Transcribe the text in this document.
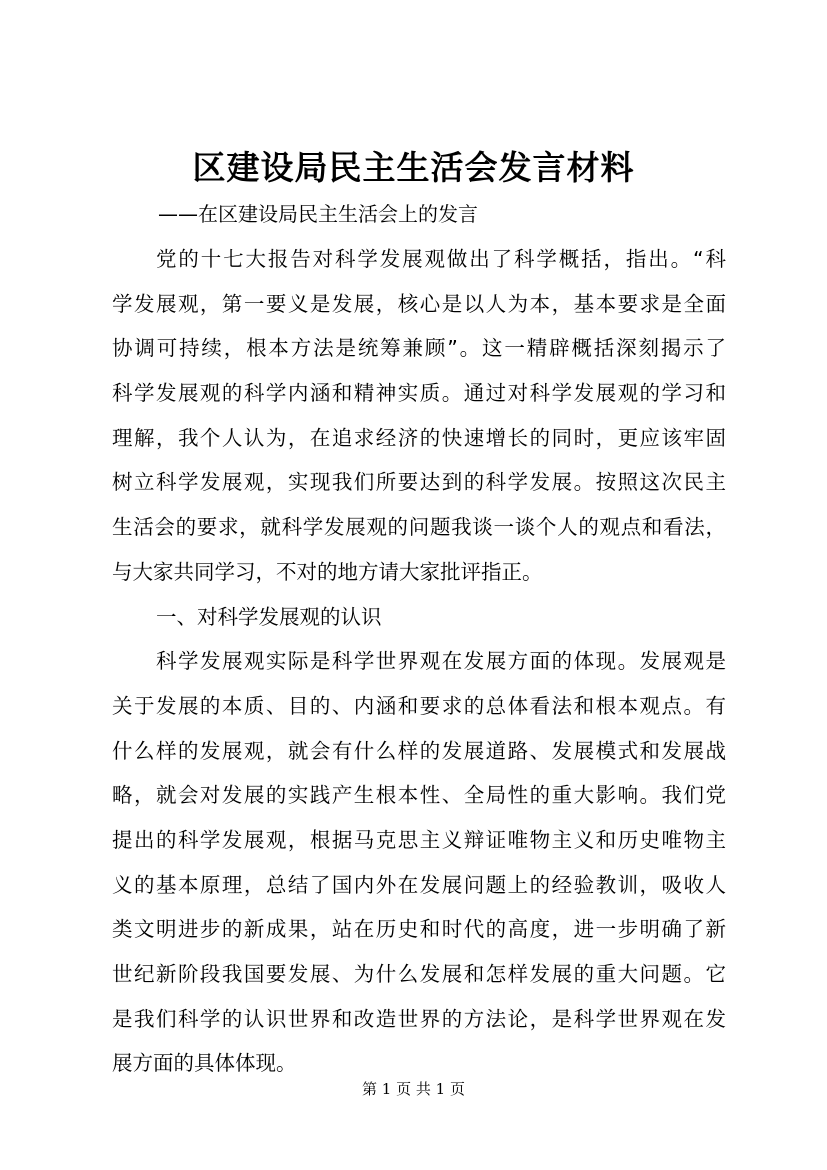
区建设局民主生活会发言材料

——在区建设局民主生活会上的发言

党的十七大报告对科学发展观做出了科学概括，指出。“科
学发展观，第一要义是发展，核心是以人为本，基本要求是全面
协调可持续，根本方法是统筹兼顾”。这一精辟概括深刻揭示了
科学发展观的科学内涵和精神实质。通过对科学发展观的学习和
理解，我个人认为，在追求经济的快速增长的同时，更应该牢固
树立科学发展观，实现我们所要达到的科学发展。按照这次民主
生活会的要求，就科学发展观的问题我谈一谈个人的观点和看法，
与大家共同学习，不对的地方请大家批评指正。
一、对科学发展观的认识
科学发展观实际是科学世界观在发展方面的体现。发展观是
关于发展的本质、目的、内涵和要求的总体看法和根本观点。有
什么样的发展观，就会有什么样的发展道路、发展模式和发展战
略，就会对发展的实践产生根本性、全局性的重大影响。我们党
提出的科学发展观，根据马克思主义辩证唯物主义和历史唯物主
义的基本原理，总结了国内外在发展问题上的经验教训，吸收人
类文明进步的新成果，站在历史和时代的高度，进一步明确了新
世纪新阶段我国要发展、为什么发展和怎样发展的重大问题。它
是我们科学的认识世界和改造世界的方法论，是科学世界观在发
展方面的具体体现。
第 1 页 共 1 页
